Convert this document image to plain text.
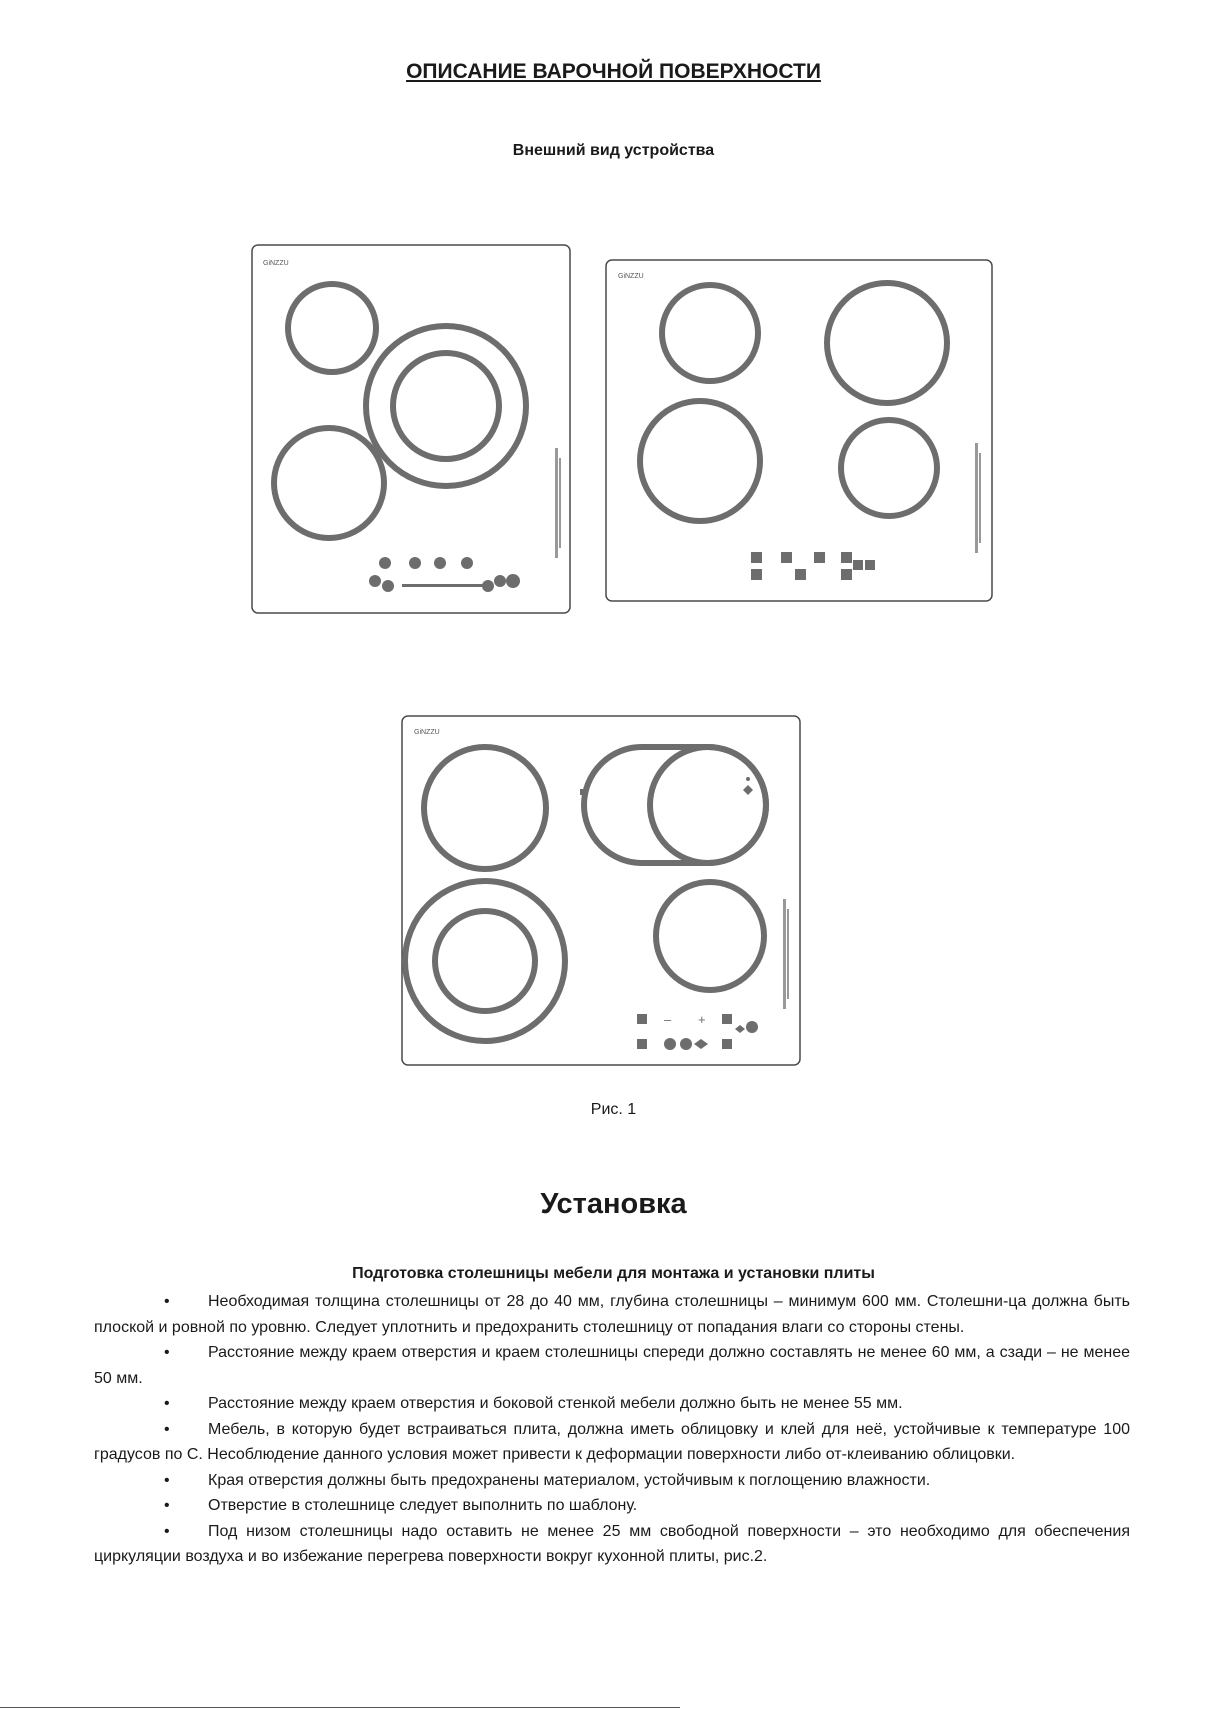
ОПИСАНИЕ ВАРОЧНОЙ ПОВЕРХНОСТИ
Внешний вид устройства
GiNZZU
GiNZZU
GiNZZU
– +
Рис. 1
Установка
Подготовка столешницы мебели для монтажа и установки плиты

• Необходимая толщина столешницы от 28 до 40 мм, глубина столешницы – минимум 600 мм. Столешни-ца должна быть плоской и ровной по уровню. Следует уплотнить и предохранить столешницу от попадания влаги со стороны стены.

• Расстояние между краем отверстия и краем столешницы спереди должно составлять не менее 60 мм, а сзади – не менее 50 мм.

• Расстояние между краем отверстия и боковой стенкой мебели должно быть не менее 55 мм.

• Мебель, в которую будет встраиваться плита, должна иметь облицовку и клей для неё, устойчивые к температуре 100 градусов по С. Несоблюдение данного условия может привести к деформации поверхности либо от-клеиванию облицовки.

• Края отверстия должны быть предохранены материалом, устойчивым к поглощению влажности.

• Отверстие в столешнице следует выполнить по шаблону.

• Под низом столешницы надо оставить не менее 25 мм свободной поверхности – это необходимо для обеспечения циркуляции воздуха и во избежание перегрева поверхности вокруг кухонной плиты, рис.2.
